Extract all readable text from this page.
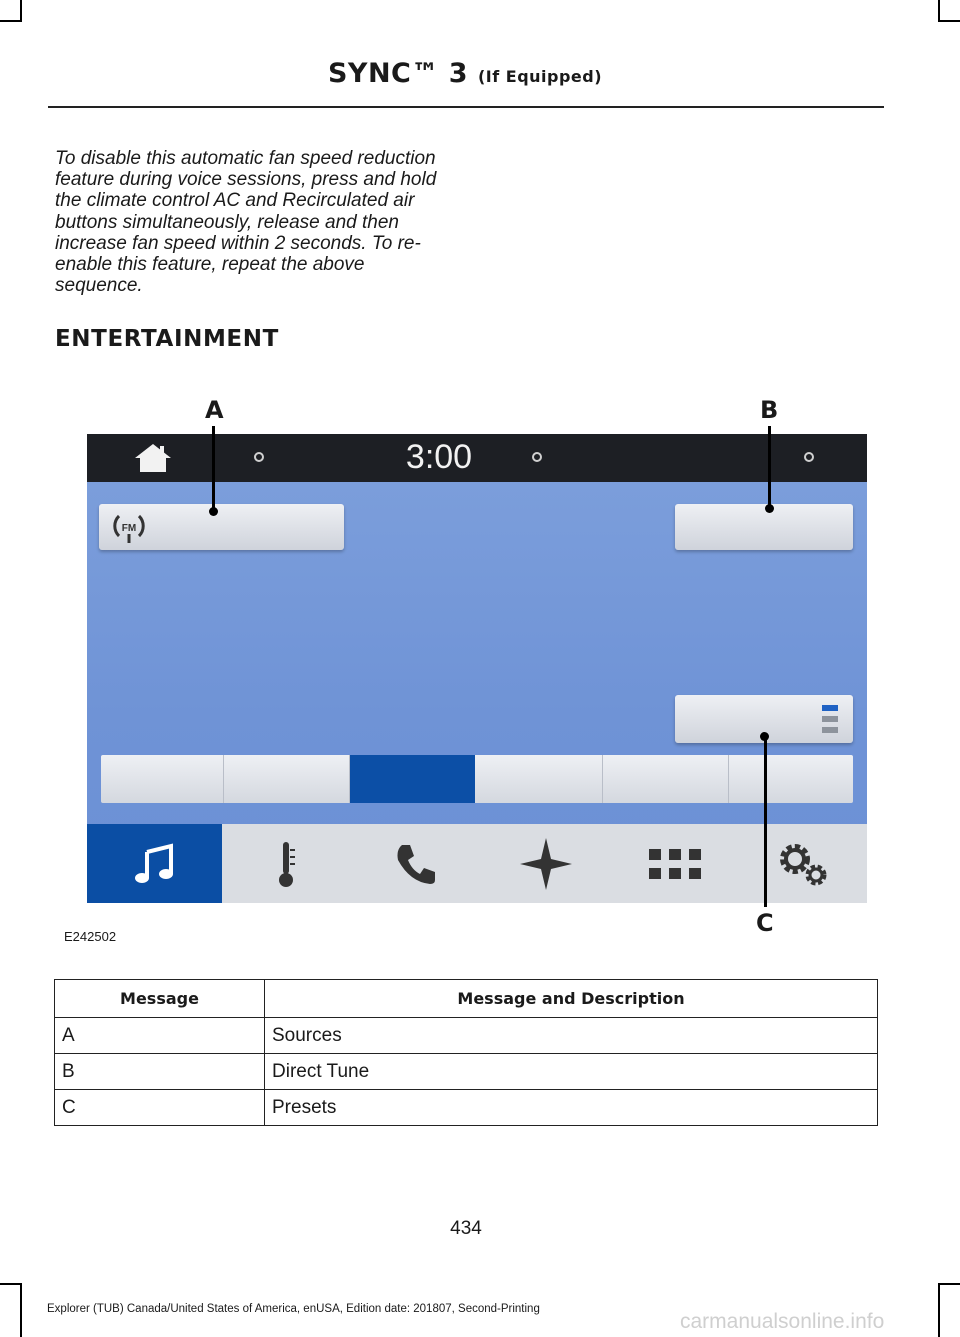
SYNC™ 3 (If Equipped)
To disable this automatic fan speed reduction feature during voice sessions, press and hold the climate control AC and Recirculated air buttons simultaneously, release and then increase fan speed within 2 seconds. To re-enable this feature, repeat the above sequence.
ENTERTAINMENT
A	B
C
3:00
FM
E242502
Message	Message and Description
A	Sources
B	Direct Tune
C	Presets
434
Explorer (TUB) Canada/United States of America, enUSA, Edition date: 201807, Second-Printing
carmanualsonline.info
